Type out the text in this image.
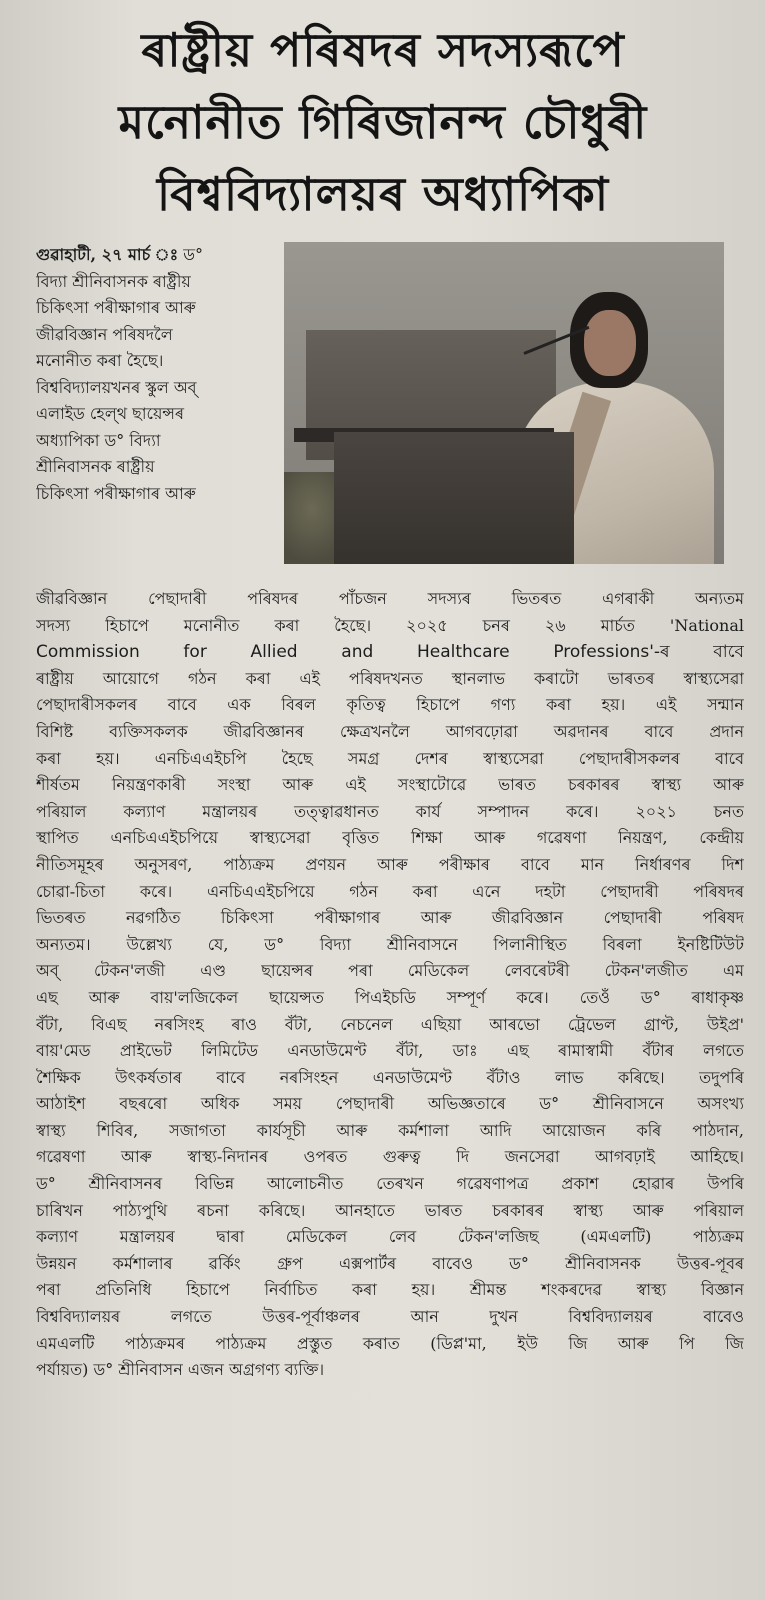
ৰাষ্ট্ৰীয় পৰিষদৰ সদস্যৰূপে
মনোনীত গিৰিজানন্দ চৌধুৰী
বিশ্ববিদ্যালয়ৰ অধ্যাপিকা
গুৱাহাটী, ২৭ মাৰ্চ ঃ ড°
বিদ্যা শ্ৰীনিবাসনক ৰাষ্ট্ৰীয়
চিকিৎসা পৰীক্ষাগাৰ আৰু
জীৱবিজ্ঞান পৰিষদলৈ
মনোনীত কৰা হৈছে।
বিশ্ববিদ্যালয়খনৰ স্কুল অব্
এলাইড হেল্থ ছায়েন্সৰ
অধ্যাপিকা ড° বিদ্যা
শ্ৰীনিবাসনক ৰাষ্ট্ৰীয়
চিকিৎসা পৰীক্ষাগাৰ আৰু
জীৱবিজ্ঞান পেছাদাৰী পৰিষদৰ পাঁচজন সদস্যৰ ভিতৰত এগৰাকী অন্যতম
সদস্য হিচাপে মনোনীত কৰা হৈছে। ২০২৫ চনৰ ২৬ মাৰ্চত 'National
Commission for Allied and Healthcare Professions'-ৰ বাবে
ৰাষ্ট্ৰীয় আয়োগে গঠন কৰা এই পৰিষদখনত স্থানলাভ কৰাটো ভাৰতৰ স্বাস্থ্যসেৱা
পেছাদাৰীসকলৰ বাবে এক বিৰল কৃতিত্ব হিচাপে গণ্য কৰা হয়। এই সন্মান
বিশিষ্ট ব্যক্তিসকলক জীৱবিজ্ঞানৰ ক্ষেত্ৰখনলৈ আগবঢ়োৱা অৱদানৰ বাবে প্ৰদান
কৰা হয়। এনচিএএইচপি হৈছে সমগ্ৰ দেশৰ স্বাস্থ্যসেৱা পেছাদাৰীসকলৰ বাবে
শীৰ্ষতম নিয়ন্ত্ৰণকাৰী সংস্থা আৰু এই সংস্থাটোৱে ভাৰত চৰকাৰৰ স্বাস্থ্য আৰু
পৰিয়াল কল্যাণ মন্ত্ৰালয়ৰ তত্ত্বাৱধানত কাৰ্য সম্পাদন কৰে। ২০২১ চনত
স্থাপিত এনচিএএইচপিয়ে স্বাস্থ্যসেৱা বৃত্তিত শিক্ষা আৰু গৱেষণা নিয়ন্ত্ৰণ, কেন্দ্ৰীয়
নীতিসমূহৰ অনুসৰণ, পাঠ্যক্ৰম প্ৰণয়ন আৰু পৰীক্ষাৰ বাবে মান নিৰ্ধাৰণৰ দিশ
চোৱা-চিতা কৰে। এনচিএএইচপিয়ে গঠন কৰা এনে দহটা পেছাদাৰী পৰিষদৰ
ভিতৰত নৱগঠিত চিকিৎসা পৰীক্ষাগাৰ আৰু জীৱবিজ্ঞান পেছাদাৰী পৰিষদ
অন্যতম। উল্লেখ্য যে, ড° বিদ্যা শ্ৰীনিবাসনে পিলানীস্থিত বিৰলা ইনষ্টিটিউট
অব্ টেকন'লজী এণ্ড ছায়েন্সৰ পৰা মেডিকেল লেবৰেটৰী টেকন'লজীত এম
এছ আৰু বায়'লজিকেল ছায়েন্সত পিএইচডি সম্পূৰ্ণ কৰে। তেওঁ ড° ৰাধাকৃষ্ণ
বঁটা, বিএছ নৰসিংহ ৰাও বঁটা, নেচনেল এছিয়া আৰভো ট্ৰেভেল গ্ৰাণ্ট, উইপ্ৰ'
বায়'মেড প্ৰাইভেট লিমিটেড এনডাউমেণ্ট বঁটা, ডাঃ এছ ৰামাস্বামী বঁটাৰ লগতে
শৈক্ষিক উৎকৰ্ষতাৰ বাবে নৰসিংহন এনডাউমেণ্ট বঁটাও লাভ কৰিছে। তদুপৰি
আঠাইশ বছৰৰো অধিক সময় পেছাদাৰী অভিজ্ঞতাৰে ড° শ্ৰীনিবাসনে অসংখ্য
স্বাস্থ্য শিবিৰ, সজাগতা কাৰ্যসূচী আৰু কৰ্মশালা আদি আয়োজন কৰি পাঠদান,
গৱেষণা আৰু স্বাস্থ্য-নিদানৰ ওপৰত গুৰুত্ব দি জনসেৱা আগবঢ়াই আহিছে।
ড° শ্ৰীনিবাসনৰ বিভিন্ন আলোচনীত তেৰখন গৱেষণাপত্ৰ প্ৰকাশ হোৱাৰ উপৰি
চাৰিখন পাঠ্যপুথি ৰচনা কৰিছে। আনহাতে ভাৰত চৰকাৰৰ স্বাস্থ্য আৰু পৰিয়াল
কল্যাণ মন্ত্ৰালয়ৰ দ্বাৰা মেডিকেল লেব টেকন'লজিছ (এমএলটি) পাঠ্যক্ৰম
উন্নয়ন কৰ্মশালাৰ ৱৰ্কিং গ্ৰুপ এক্সপাৰ্টৰ বাবেও ড° শ্ৰীনিবাসনক উত্তৰ-পূবৰ
পৰা প্ৰতিনিধি হিচাপে নিৰ্বাচিত কৰা হয়। শ্ৰীমন্ত শংকৰদেৱ স্বাস্থ্য বিজ্ঞান
বিশ্ববিদ্যালয়ৰ লগতে উত্তৰ-পূৰ্বাঞ্চলৰ আন দুখন বিশ্ববিদ্যালয়ৰ বাবেও
এমএলটি পাঠ্যক্ৰমৰ পাঠ্যক্ৰম প্ৰস্তুত কৰাত (ডিপ্ল'মা, ইউ জি আৰু পি জি
পৰ্যায়ত) ড° শ্ৰীনিবাসন এজন অগ্ৰগণ্য ব্যক্তি।
